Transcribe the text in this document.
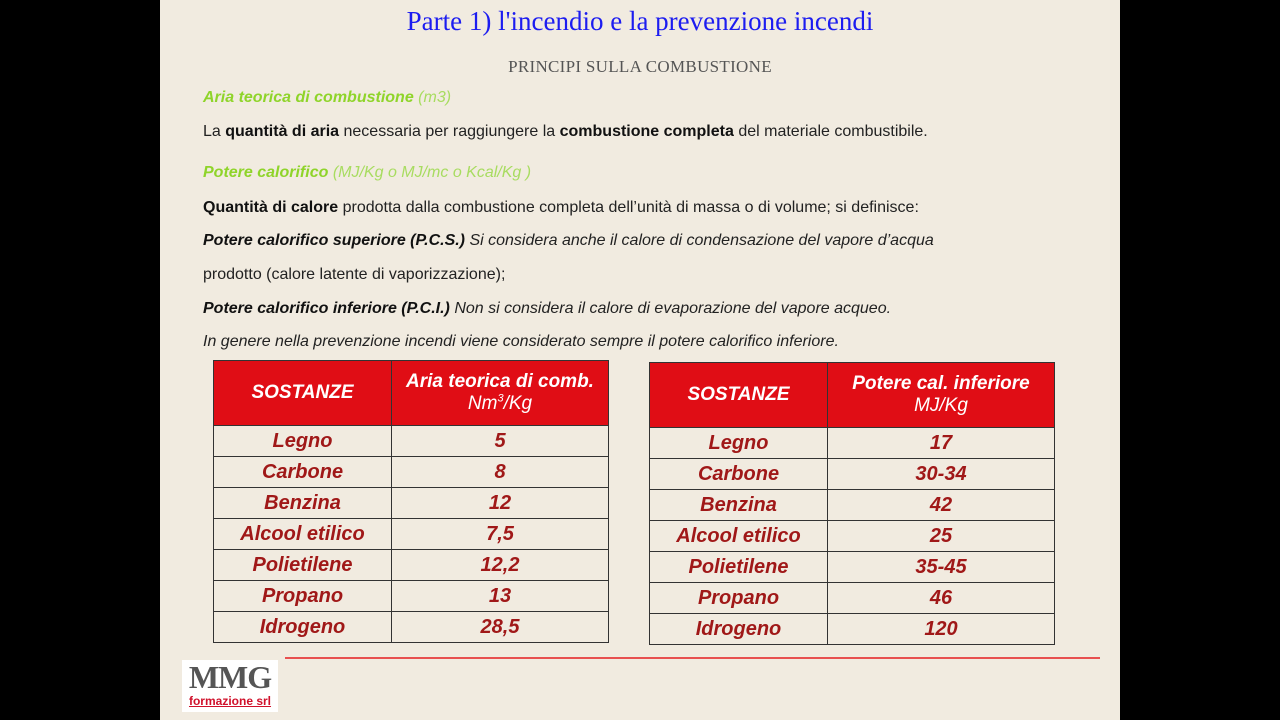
Parte 1) l'incendio e la prevenzione incendi
PRINCIPI SULLA COMBUSTIONE
Aria teorica di combustione (m3)
La quantità di aria necessaria per raggiungere la combustione completa del materiale combustibile.
Potere calorifico (MJ/Kg o MJ/mc o Kcal/Kg )
Quantità di calore prodotta dalla combustione completa dell’unità di massa o di volume; si definisce:
Potere calorifico superiore (P.C.S.) Si considera anche il calore di condensazione del vapore d’acqua
prodotto (calore latente di vaporizzazione);
Potere calorifico inferiore (P.C.I.) Non si considera il calore di evaporazione del vapore acqueo.
In genere nella prevenzione incendi viene considerato sempre il potere calorifico inferiore.
SOSTANZE	Aria teorica di comb.
Nm$^3$/Kg
Legno	5
Carbone	8
Benzina	12
Alcool etilico	7,5
Polietilene	12,2
Propano	13
Idrogeno	28,5
SOSTANZE	Potere cal. inferiore
MJ/Kg
Legno	17
Carbone	30-34
Benzina	42
Alcool etilico	25
Polietilene	35-45
Propano	46
Idrogeno	120
MMG
formazione srl
